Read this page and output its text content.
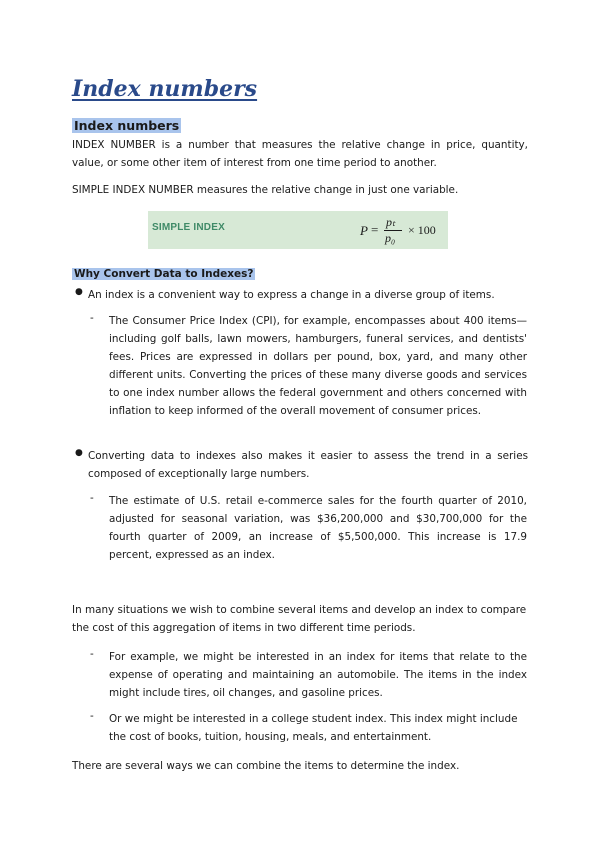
Index numbers
Index numbers

INDEX NUMBER is a number that measures the relative change in price, quantity, value, or some other item of interest from one time period to another.

SIMPLE INDEX NUMBER measures the relative change in just one variable.

SIMPLE INDEX	P = pₜ
p₀
× 100
Why Convert Data to Indexes?
● An index is a convenient way to express a change in a diverse group of items.

- The Consumer Price Index (CPI), for example, encompasses about 400 items—including golf balls, lawn mowers, hamburgers, funeral services, and dentists' fees. Prices are expressed in dollars per pound, box, yard, and many other different units. Converting the prices of these many diverse goods and services to one index number allows the federal government and others concerned with inflation to keep informed of the overall movement of consumer prices.

● Converting data to indexes also makes it easier to assess the trend in a series composed of exceptionally large numbers.

- The estimate of U.S. retail e-commerce sales for the fourth quarter of 2010, adjusted for seasonal variation, was $36,200,000 and $30,700,000 for the fourth quarter of 2009, an increase of $5,500,000. This increase is 17.9 percent, expressed as an index.

In many situations we wish to combine several items and develop an index to compare the cost of this aggregation of items in two different time periods.

- For example, we might be interested in an index for items that relate to the expense of operating and maintaining an automobile. The items in the index might include tires, oil changes, and gasoline prices.

- Or we might be interested in a college student index. This index might include the cost of books, tuition, housing, meals, and entertainment.

There are several ways we can combine the items to determine the index.
